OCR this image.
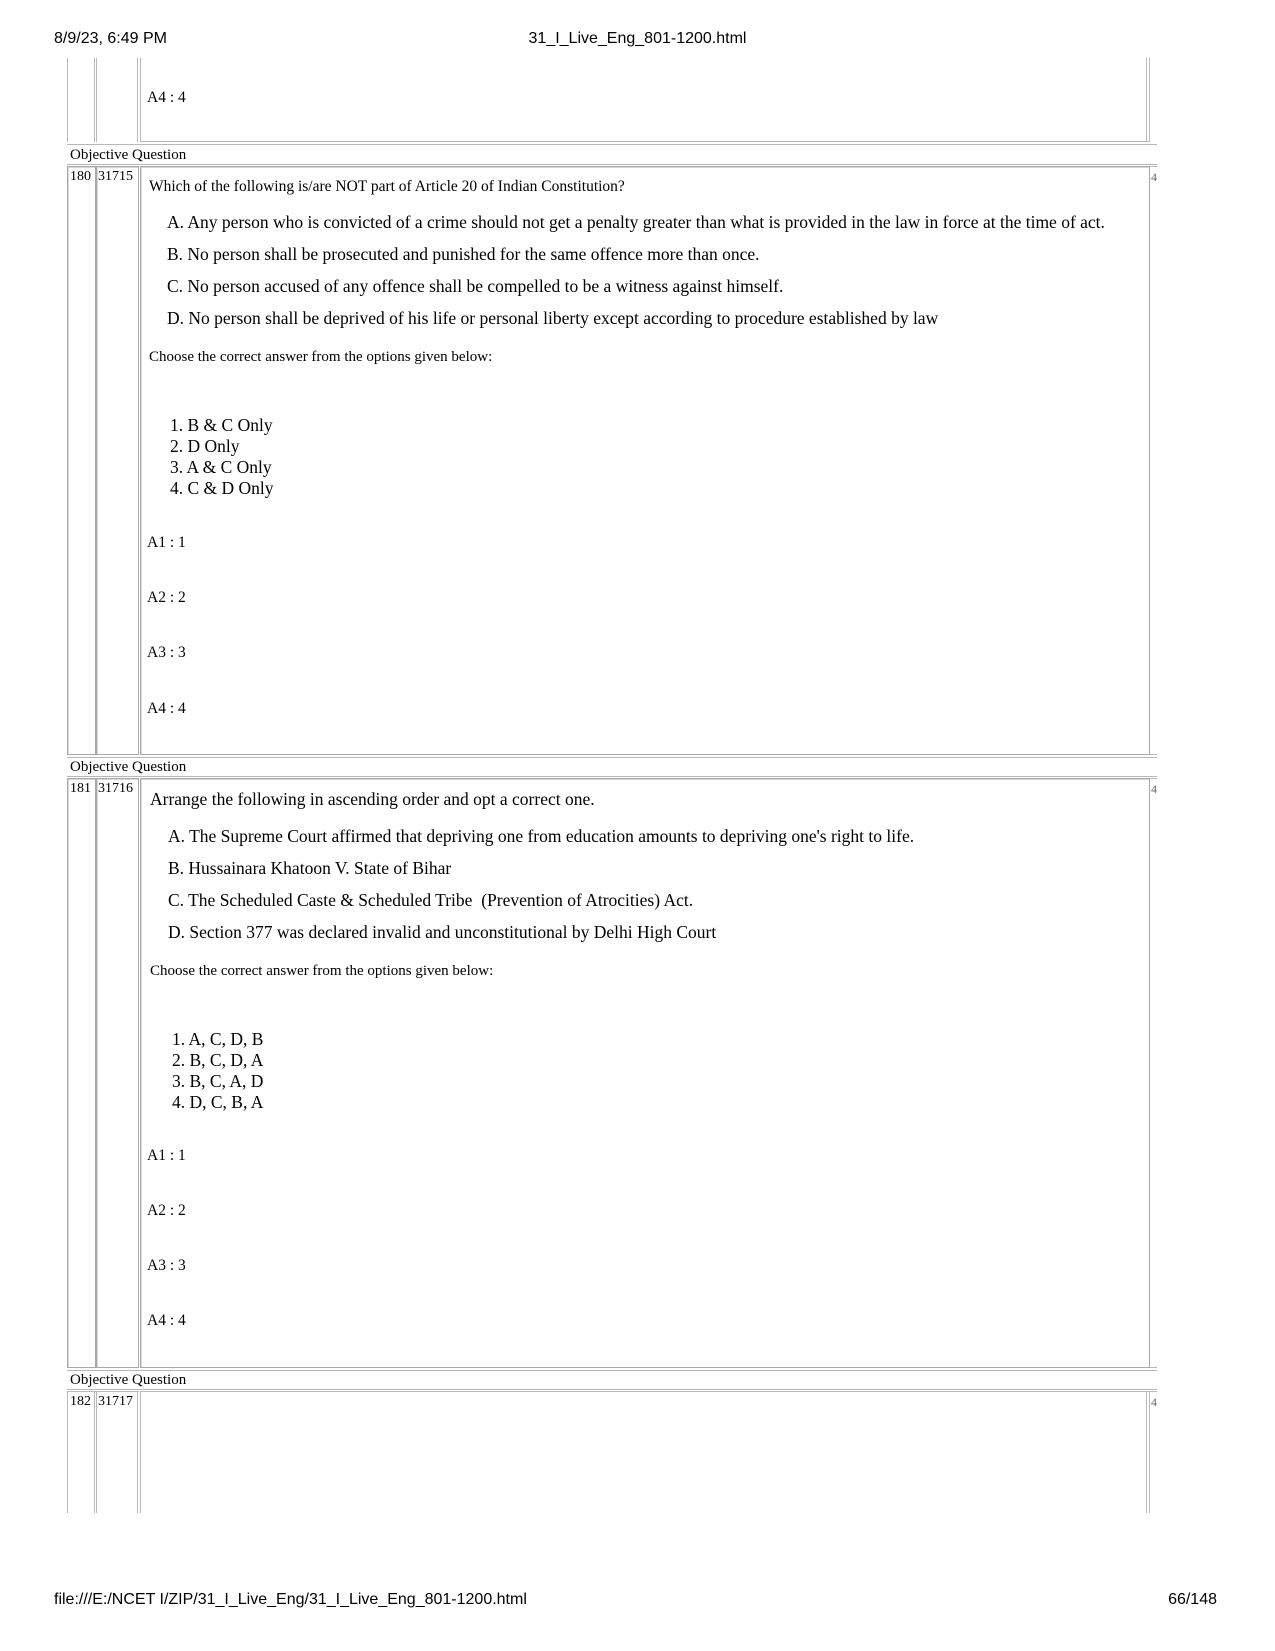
8/9/23, 6:49 PM	31_I_Live_Eng_801-1200.html
A4 : 4
Objective Question
180 31715	4
Which of the following is/are NOT part of Article 20 of Indian Constitution?
A. Any person who is convicted of a crime should not get a penalty greater than what is provided in the law in force at the time of act.
B. No person shall be prosecuted and punished for the same offence more than once.
C. No person accused of any offence shall be compelled to be a witness against himself.
D. No person shall be deprived of his life or personal liberty except according to procedure established by law
Choose the correct answer from the options given below:
1. B & C Only
2. D Only
3. A & C Only
4. C & D Only
A1 : 1
A2 : 2
A3 : 3
A4 : 4
Objective Question
181 31716	4
Arrange the following in ascending order and opt a correct one.
A. The Supreme Court affirmed that depriving one from education amounts to depriving one's right to life.
B. Hussainara Khatoon V. State of Bihar
C. The Scheduled Caste & Scheduled Tribe  (Prevention of Atrocities) Act.
D. Section 377 was declared invalid and unconstitutional by Delhi High Court
Choose the correct answer from the options given below:
1. A, C, D, B
2. B, C, D, A
3. B, C, A, D
4. D, C, B, A
A1 : 1
A2 : 2
A3 : 3
A4 : 4
Objective Question
182 31717	4
file:///E:/NCET I/ZIP/31_I_Live_Eng/31_I_Live_Eng_801-1200.html	66/148
